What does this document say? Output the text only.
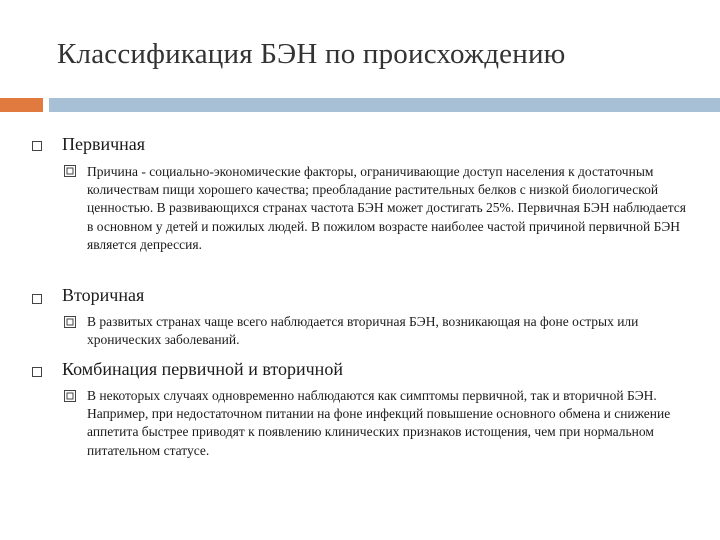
Классификация БЭН по происхождению
Первичная
Причина - социально-экономические факторы, ограничивающие доступ населения к достаточным количествам пищи хорошего качества; преобладание растительных белков с низкой биологической ценностью. В развивающихся странах частота БЭН может достигать 25%. Первичная БЭН наблюдается в основном у детей и пожилых людей. В пожилом возрасте наиболее частой причиной первичной БЭН является депрессия.
Вторичная
В развитых странах чаще всего наблюдается вторичная БЭН, возникающая на фоне острых или хронических заболеваний.
Комбинация первичной и вторичной
В некоторых случаях одновременно наблюдаются как симптомы первичной, так и вторичной БЭН. Например, при недостаточном питании на фоне инфекций повышение основного обмена и снижение аппетита быстрее приводят к появлению клинических признаков истощения, чем при нормальном питательном статусе.
